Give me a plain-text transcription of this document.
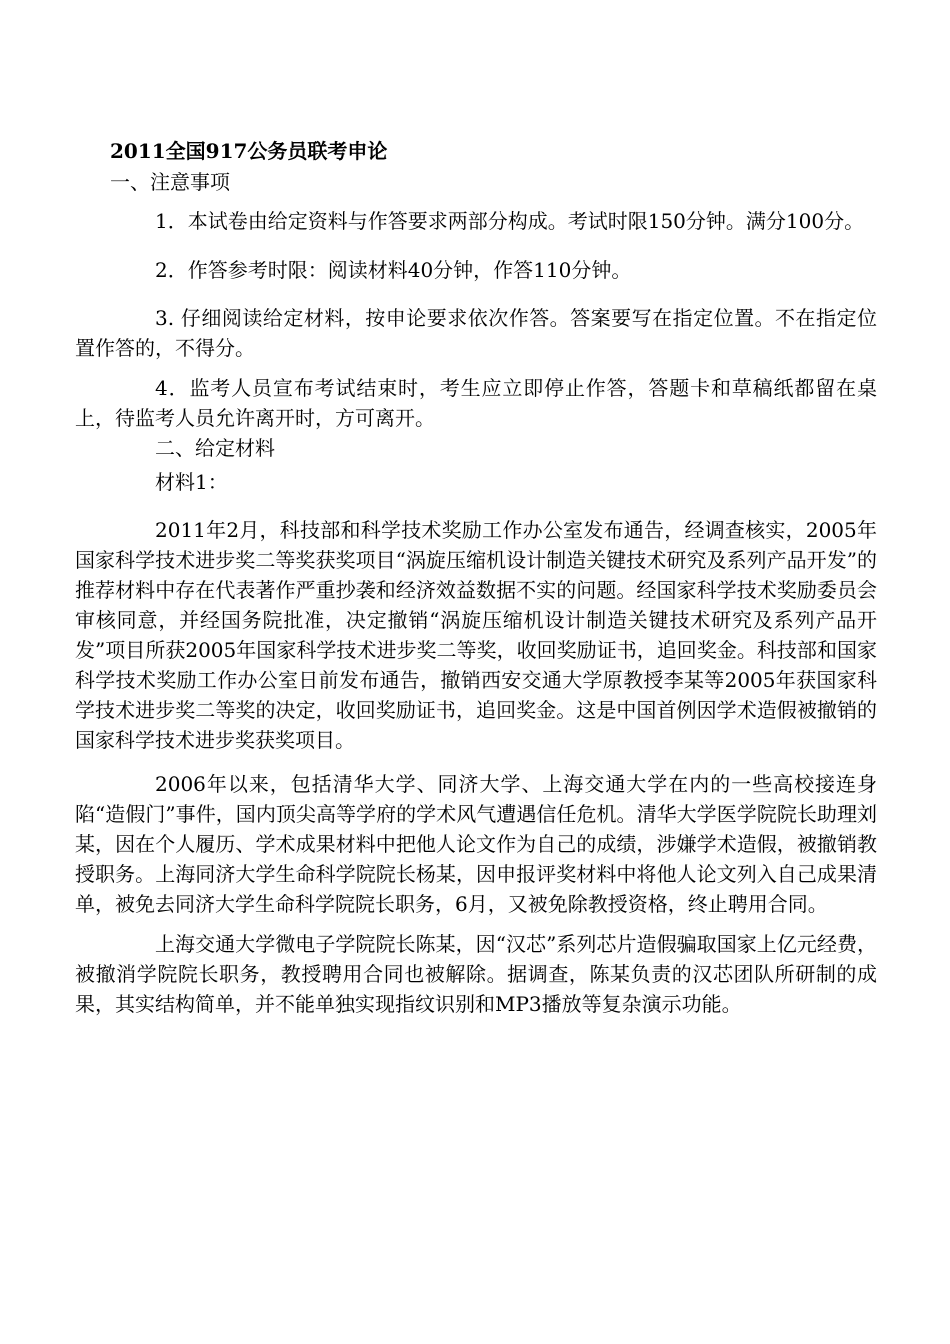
2011全国917公务员联考申论

一、注意事项

1．本试卷由给定资料与作答要求两部分构成。考试时限150分钟。满分100分。

2．作答参考时限：阅读材料40分钟，作答110分钟。

3. 仔细阅读给定材料，按申论要求依次作答。答案要写在指定位置。不在指定位置作答的，不得分。

4．监考人员宣布考试结束时，考生应立即停止作答，答题卡和草稿纸都留在桌上，待监考人员允许离开时，方可离开。

二、给定材料

材料1：

2011年2月，科技部和科学技术奖励工作办公室发布通告，经调查核实，2005年国家科学技术进步奖二等奖获奖项目“涡旋压缩机设计制造关键技术研究及系列产品开发”的推荐材料中存在代表著作严重抄袭和经济效益数据不实的问题。经国家科学技术奖励委员会审核同意，并经国务院批准，决定撤销“涡旋压缩机设计制造关键技术研究及系列产品开发”项目所获2005年国家科学技术进步奖二等奖，收回奖励证书，追回奖金。科技部和国家科学技术奖励工作办公室日前发布通告，撤销西安交通大学原教授李某等2005年获国家科学技术进步奖二等奖的决定，收回奖励证书，追回奖金。这是中国首例因学术造假被撤销的国家科学技术进步奖获奖项目。

2006年以来，包括清华大学、同济大学、上海交通大学在内的一些高校接连身陷“造假门”事件，国内顶尖高等学府的学术风气遭遇信任危机。清华大学医学院院长助理刘某，因在个人履历、学术成果材料中把他人论文作为自己的成绩，涉嫌学术造假，被撤销教授职务。上海同济大学生命科学院院长杨某，因申报评奖材料中将他人论文列入自己成果清单，被免去同济大学生命科学院院长职务，6月，又被免除教授资格，终止聘用合同。

上海交通大学微电子学院院长陈某，因“汉芯”系列芯片造假骗取国家上亿元经费，被撤消学院院长职务，教授聘用合同也被解除。据调查，陈某负责的汉芯团队所研制的成果，其实结构简单，并不能单独实现指纹识别和MP3播放等复杂演示功能。
